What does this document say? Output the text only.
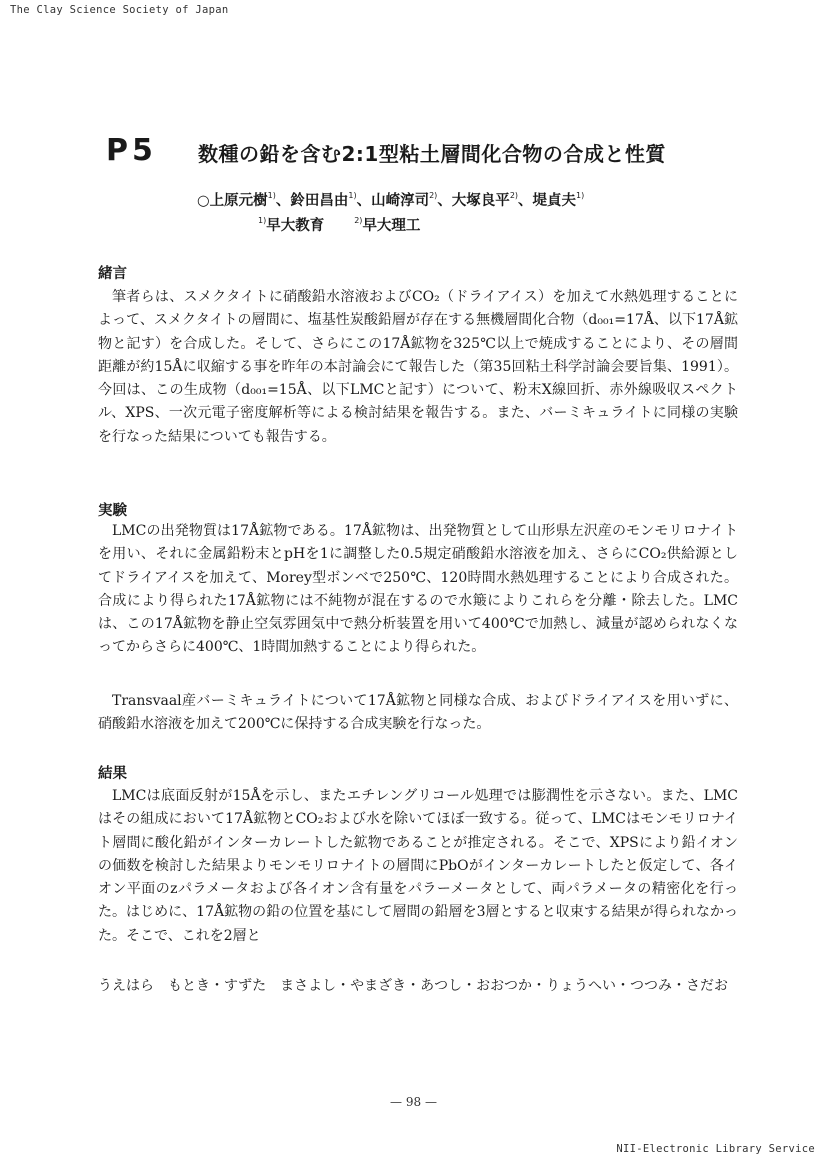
The Clay Science Society of Japan
P5 数種の鉛を含む2:1型粘土層間化合物の合成と性質
○上原元樹$^{1)}$、鈴田昌由$^{1)}$、山崎淳司$^{2)}$、大塚良平$^{2)}$、堤貞夫$^{1)}$
$^{1)}$早大教育	$^{2)}$早大理工
緒言

筆者らは、スメクタイトに硝酸鉛水溶液およびCO₂（ドライアイス）を加えて水熱処理することによって、スメクタイトの層間に、塩基性炭酸鉛層が存在する無機層間化合物（d₀₀₁=17Å、以下17Å鉱物と記す）を合成した。そして、さらにこの17Å鉱物を325℃以上で焼成することにより、その層間距離が約15Åに収縮する事を昨年の本討論会にて報告した（第35回粘土科学討論会要旨集、1991）。今回は、この生成物（d₀₀₁=15Å、以下LMCと記す）について、粉末X線回折、赤外線吸収スペクトル、XPS、一次元電子密度解析等による検討結果を報告する。また、バーミキュライトに同様の実験を行なった結果についても報告する。

実験

LMCの出発物質は17Å鉱物である。17Å鉱物は、出発物質として山形県左沢産のモンモリロナイトを用い、それに金属鉛粉末とpHを1に調整した0.5規定硝酸鉛水溶液を加え、さらにCO₂供給源としてドライアイスを加えて、Morey型ボンベで250℃、120時間水熱処理することにより合成された。合成により得られた17Å鉱物には不純物が混在するので水簸によりこれらを分離・除去した。LMCは、この17Å鉱物を静止空気雰囲気中で熱分析装置を用いて400℃で加熱し、減量が認められなくなってからさらに400℃、1時間加熱することにより得られた。

Transvaal産バーミキュライトについて17Å鉱物と同様な合成、およびドライアイスを用いずに、硝酸鉛水溶液を加えて200℃に保持する合成実験を行なった。

結果

LMCは底面反射が15Åを示し、またエチレングリコール処理では膨潤性を示さない。また、LMCはその組成において17Å鉱物とCO₂および水を除いてほぼ一致する。従って、LMCはモンモリロナイト層間に酸化鉛がインターカレートした鉱物であることが推定される。そこで、XPSにより鉛イオンの価数を検討した結果よりモンモリロナイトの層間にPbOがインターカレートしたと仮定して、各イオン平面のzパラメータおよび各イオン含有量をパラーメータとして、両パラメータの精密化を行った。はじめに、17Å鉱物の鉛の位置を基にして層間の鉛層を3層とすると収束する結果が得られなかった。そこで、これを2層と

うえはら　もとき・すずた　まさよし・やまざき・あつし・おおつか・りょうへい・つつみ・さだお

— 98 —
NII-Electronic Library Service
